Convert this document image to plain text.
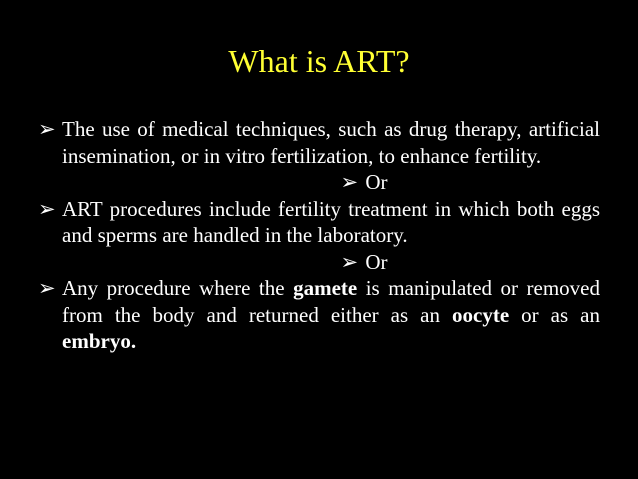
What is ART?

➢ The use of medical techniques, such as drug therapy, artificial insemination, or in vitro fertilization, to enhance fertility.

➢ Or

➢ ART procedures include fertility treatment in which both eggs and sperms are handled in the laboratory.

➢ Or

➢ Any procedure where the gamete is manipulated or removed from the body and returned either as an oocyte or as an embryo.
